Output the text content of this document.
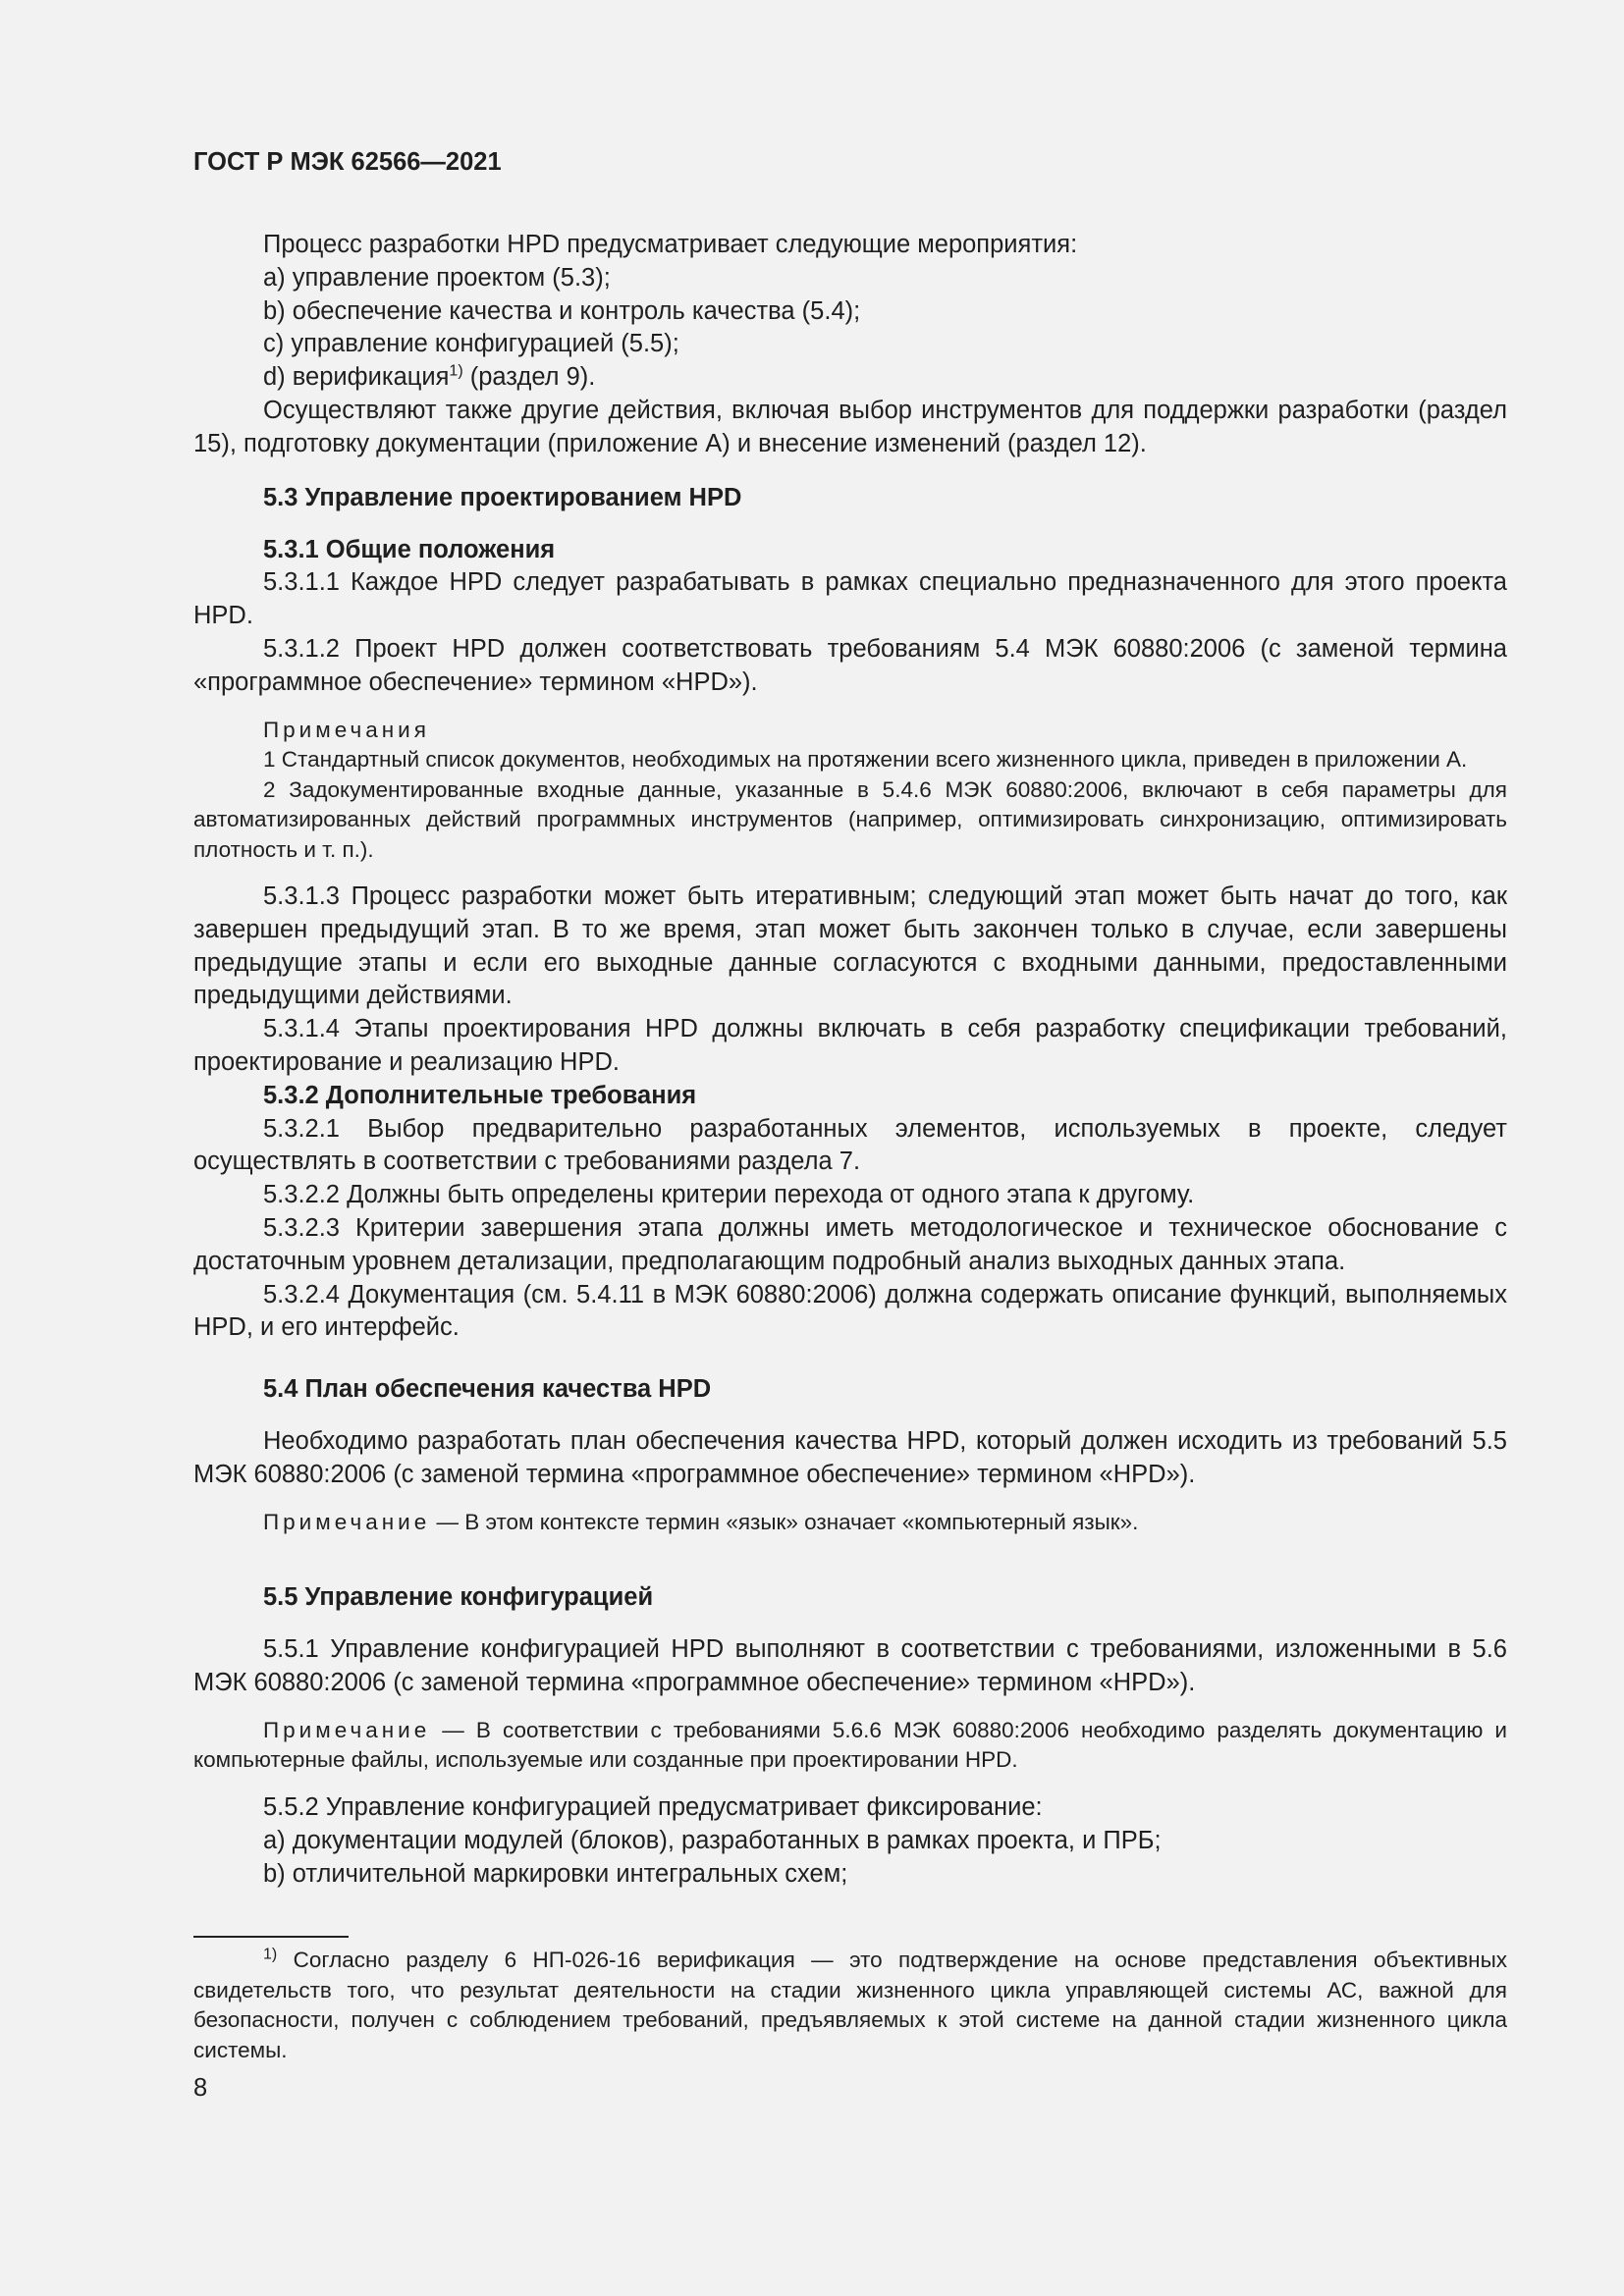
ГОСТ Р МЭК 62566—2021

Процесс разработки HPD предусматривает следующие мероприятия:

a) управление проектом (5.3);

b) обеспечение качества и контроль качества (5.4);

c) управление конфигурацией (5.5);

d) верификация$^{1)}$ (раздел 9).

Осуществляют также другие действия, включая выбор инструментов для поддержки разработки (раздел 15), подготовку документации (приложение А) и внесение изменений (раздел 12).

5.3 Управление проектированием HPD
5.3.1 Общие положения

5.3.1.1 Каждое HPD следует разрабатывать в рамках специально предназначенного для этого проекта HPD.

5.3.1.2 Проект HPD должен соответствовать требованиям 5.4 МЭК 60880:2006 (с заменой термина «программное обеспечение» термином «HPD»).

Примечания

1 Стандартный список документов, необходимых на протяжении всего жизненного цикла, приведен в приложении А.

2 Задокументированные входные данные, указанные в 5.4.6 МЭК 60880:2006, включают в себя параметры для автоматизированных действий программных инструментов (например, оптимизировать синхронизацию, оптимизировать плотность и т. п.).

5.3.1.3 Процесс разработки может быть итеративным; следующий этап может быть начат до того, как завершен предыдущий этап. В то же время, этап может быть закончен только в случае, если завершены предыдущие этапы и если его выходные данные согласуются с входными данными, предоставленными предыдущими действиями.

5.3.1.4 Этапы проектирования HPD должны включать в себя разработку спецификации требований, проектирование и реализацию HPD.

5.3.2 Дополнительные требования

5.3.2.1 Выбор предварительно разработанных элементов, используемых в проекте, следует осуществлять в соответствии с требованиями раздела 7.

5.3.2.2 Должны быть определены критерии перехода от одного этапа к другому.

5.3.2.3 Критерии завершения этапа должны иметь методологическое и техническое обоснование с достаточным уровнем детализации, предполагающим подробный анализ выходных данных этапа.

5.3.2.4 Документация (см. 5.4.11 в МЭК 60880:2006) должна содержать описание функций, выполняемых HPD, и его интерфейс.

5.4 План обеспечения качества HPD

Необходимо разработать план обеспечения качества HPD, который должен исходить из требований 5.5 МЭК 60880:2006 (с заменой термина «программное обеспечение» термином «HPD»).

Примечание — В этом контексте термин «язык» означает «компьютерный язык».

5.5 Управление конфигурацией

5.5.1 Управление конфигурацией HPD выполняют в соответствии с требованиями, изложенными в 5.6 МЭК 60880:2006 (с заменой термина «программное обеспечение» термином «HPD»).

Примечание — В соответствии с требованиями 5.6.6 МЭК 60880:2006 необходимо разделять документацию и компьютерные файлы, используемые или созданные при проектировании HPD.

5.5.2 Управление конфигурацией предусматривает фиксирование:

a) документации модулей (блоков), разработанных в рамках проекта, и ПРБ;

b) отличительной маркировки интегральных схем;

$^{1)}$ Согласно разделу 6 НП-026-16 верификация — это подтверждение на основе представления объективных свидетельств того, что результат деятельности на стадии жизненного цикла управляющей системы АС, важной для безопасности, получен с соблюдением требований, предъявляемых к этой системе на данной стадии жизненного цикла системы.

8
